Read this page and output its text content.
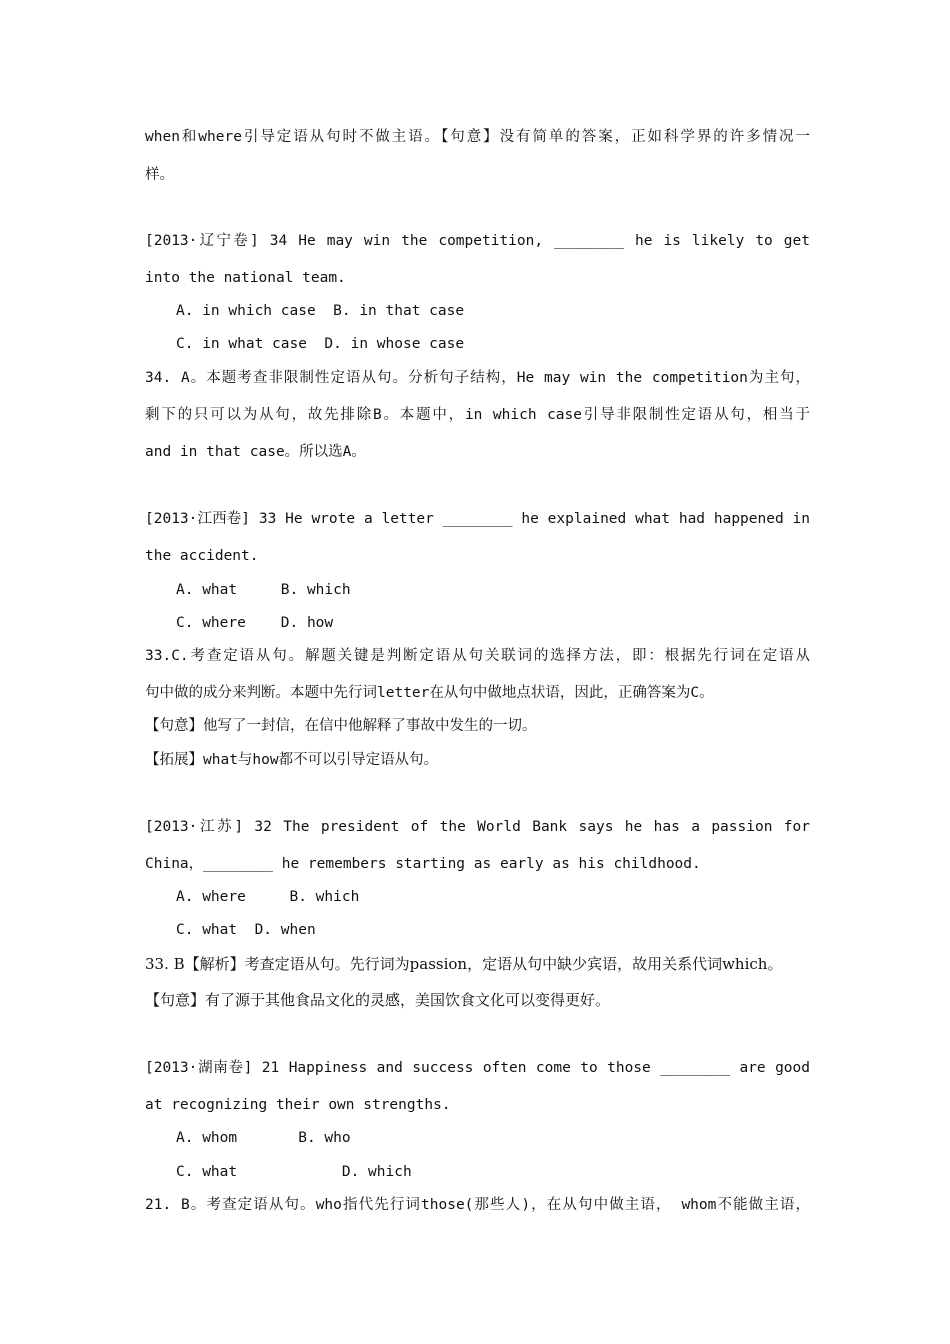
when和where引导定语从句时不做主语。【句意】没有简单的答案，正如科学界的许多情况一
样。
[2013·辽宁卷] 34 He may win the competition, ________ he is likely to get
into the national team.
A. in which case  B. in that case
C. in what case  D. in whose case
34. A。本题考查非限制性定语从句。分析句子结构，He may win the competition为主句，
剩下的只可以为从句，故先排除B。本题中，in which case引导非限制性定语从句，相当于
and in that case。所以选A。
[2013·江西卷] 33 He wrote a letter ________ he explained what had happened in
the accident.
A. what     B. which
C. where    D. how
33.C.考查定语从句。解题关键是判断定语从句关联词的选择方法，即：根据先行词在定语从
句中做的成分来判断。本题中先行词letter在从句中做地点状语，因此，正确答案为C。
【句意】他写了一封信，在信中他解释了事故中发生的一切。
【拓展】what与how都不可以引导定语从句。
[2013·江苏] 32 The president of the World Bank says he has a passion for
China，________ he remembers starting as early as his childhood.
A. where     B. which
C. what  D. when
33. B【解析】考查定语从句。先行词为passion，定语从句中缺少宾语，故用关系代词which。
【句意】有了源于其他食品文化的灵感，美国饮食文化可以变得更好。
[2013·湖南卷] 21 Happiness and success often come to those ________ are good
at recognizing their own strengths.
A. whom       B. who
C. what            D. which
21. B。考查定语从句。who指代先行词those(那些人)，在从句中做主语， whom不能做主语，
